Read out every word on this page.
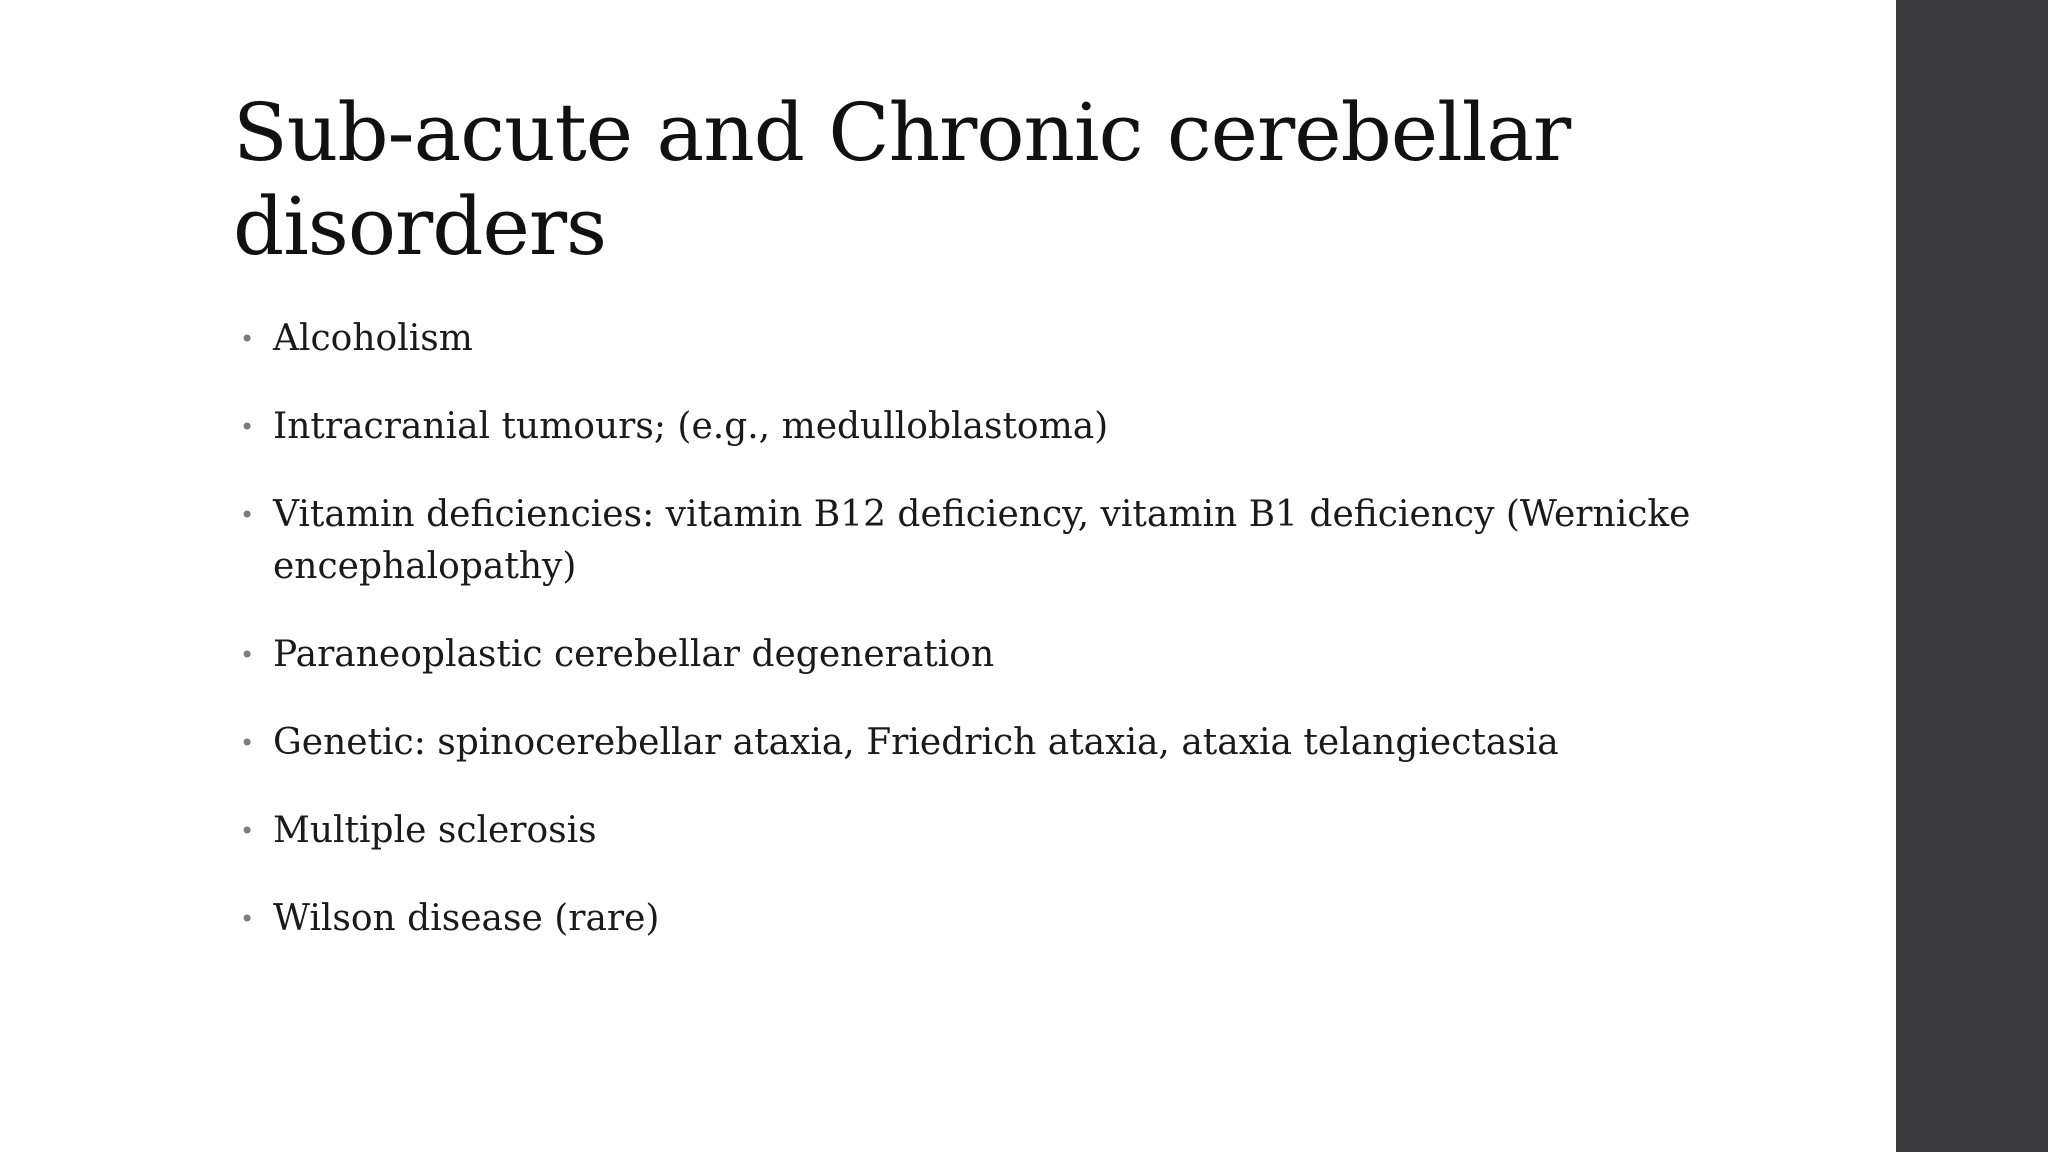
Sub-acute and Chronic cerebellar disorders
• Alcoholism
• Intracranial tumours; (e.g., medulloblastoma)
• Vitamin deficiencies: vitamin B12 deficiency, vitamin B1 deficiency (Wernicke encephalopathy)
• Paraneoplastic cerebellar degeneration
• Genetic: spinocerebellar ataxia, Friedrich ataxia, ataxia telangiectasia
• Multiple sclerosis
• Wilson disease (rare)
